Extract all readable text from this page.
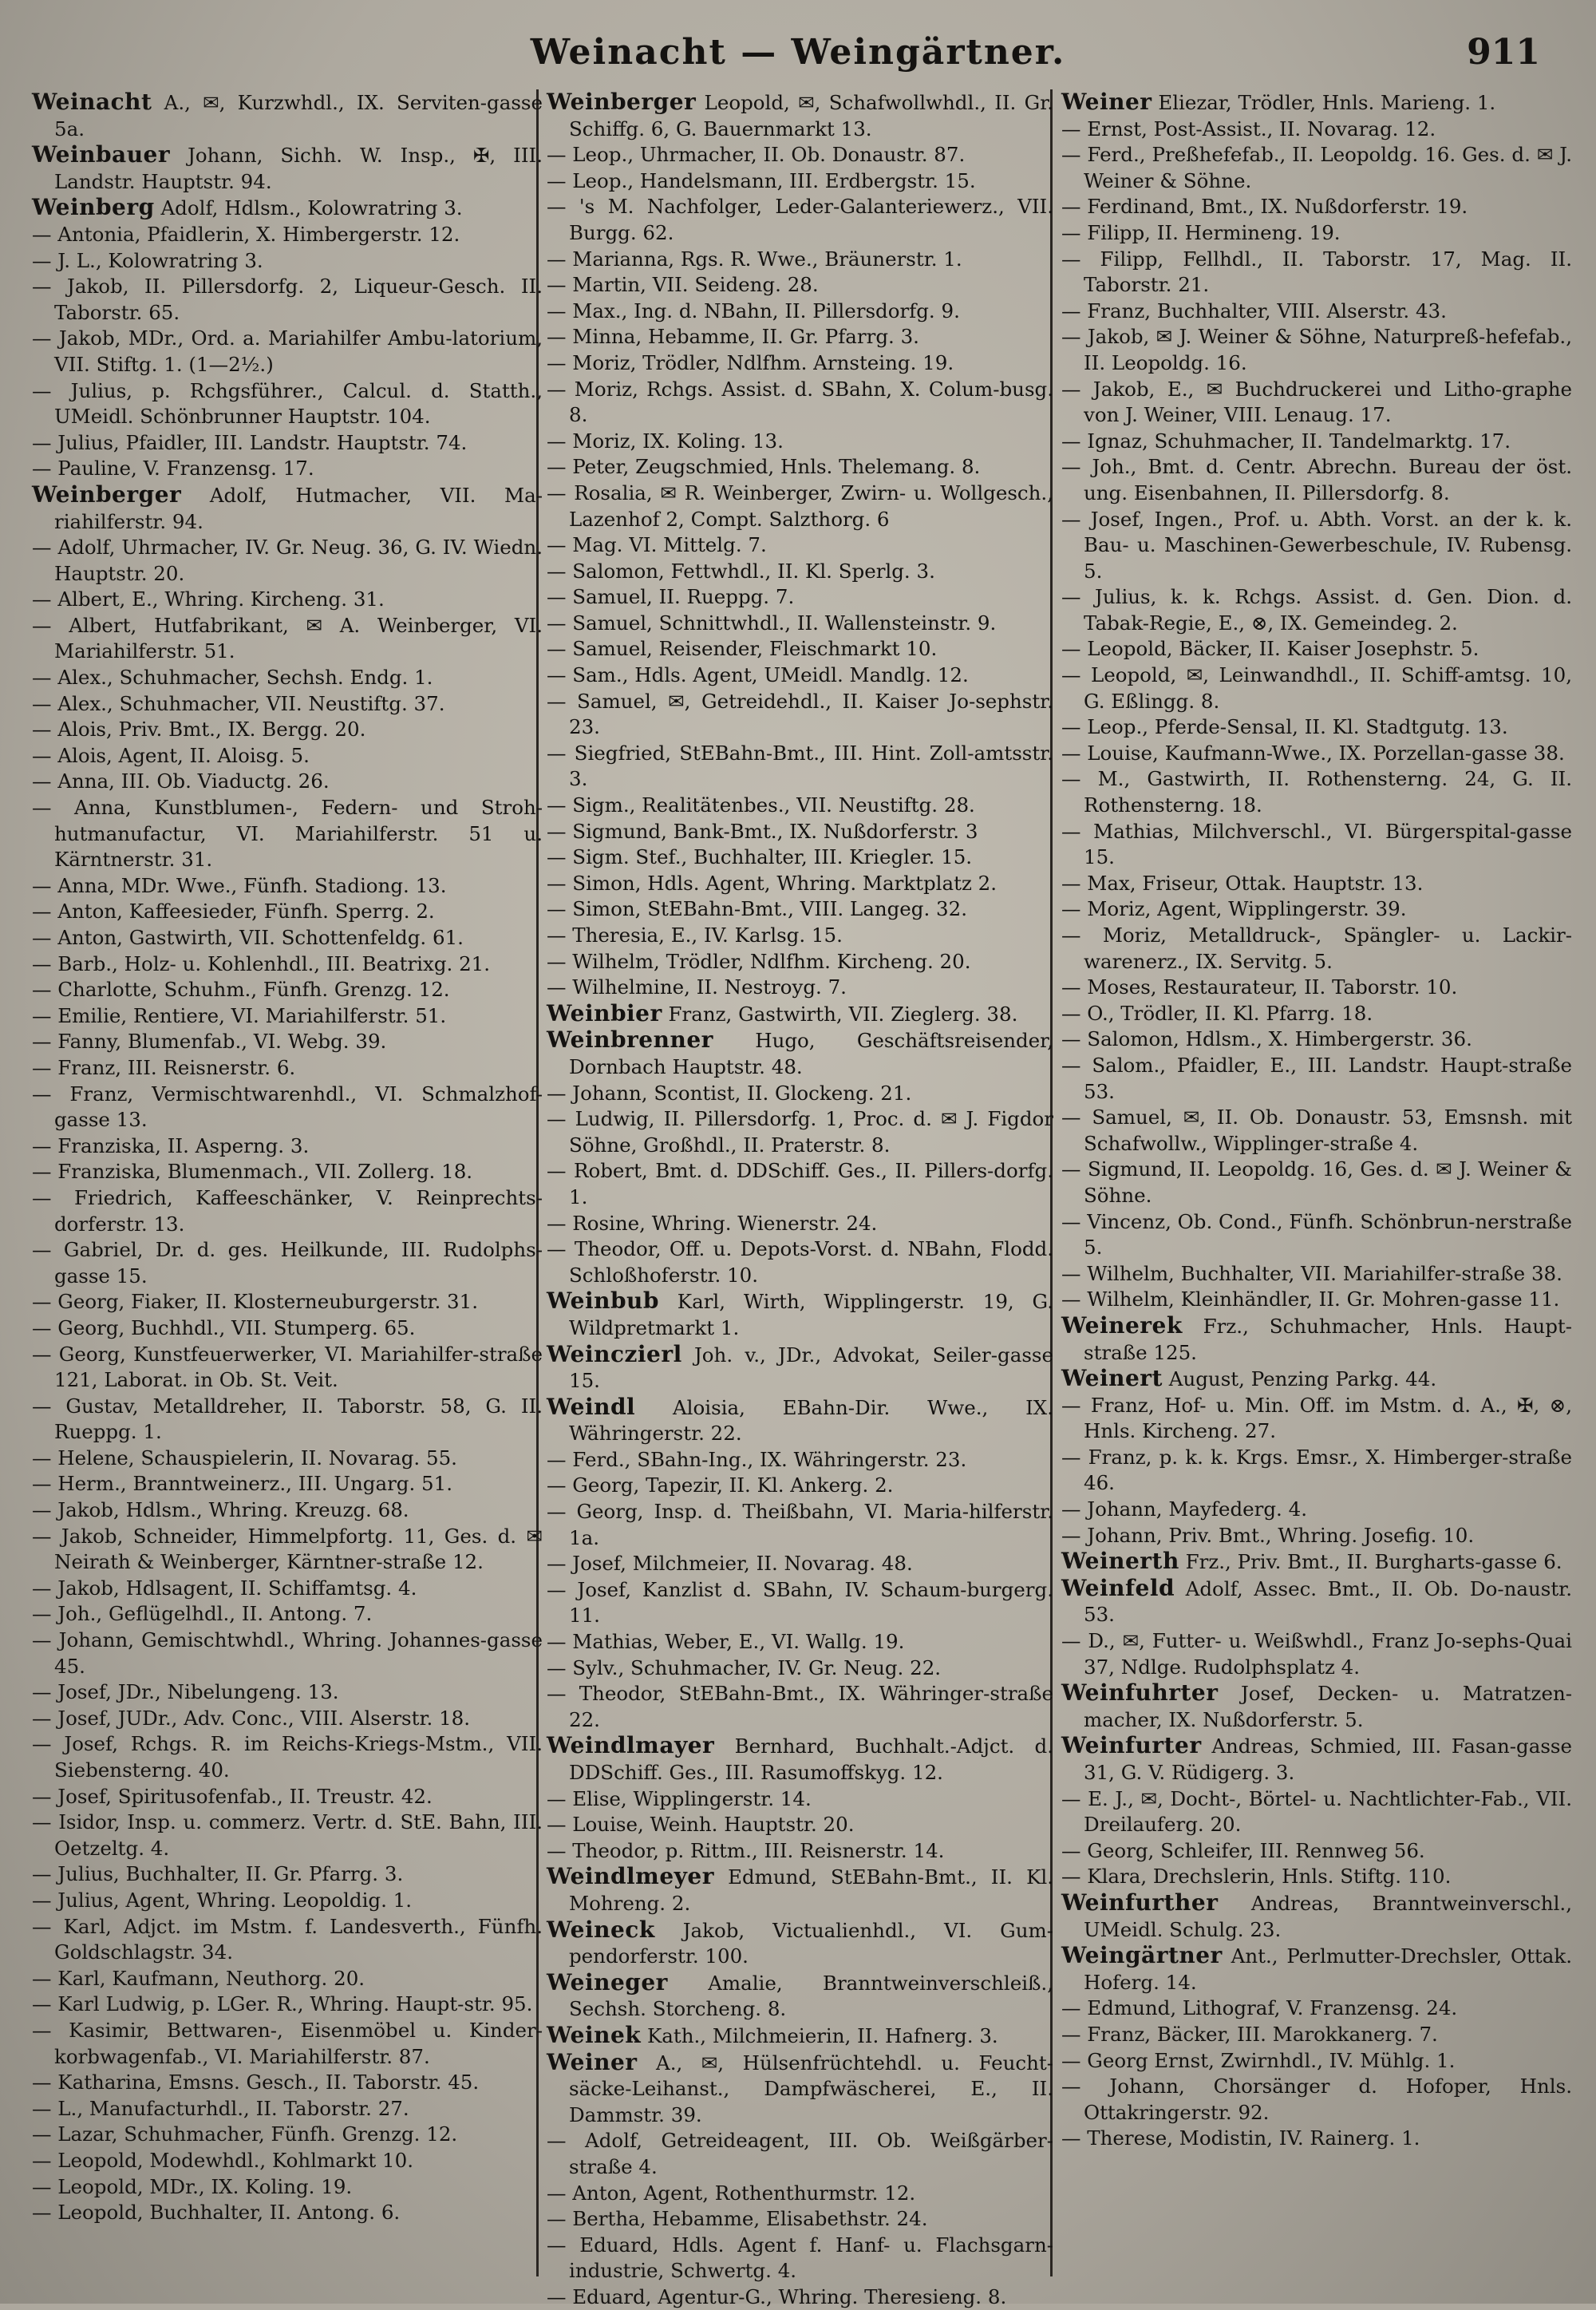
Weinacht — Weingärtner.	911

Weinacht A., ✉, Kurzwhdl., IX. Serviten-gasse 5a.

Weinbauer Johann, Sichh. W. Insp., ✠, III. Landstr. Hauptstr. 94.

Weinberg Adolf, Hdlsm., Kolowratring 3.

— Antonia, Pfaidlerin, X. Himbergerstr. 12.

— J. L., Kolowratring 3.

— Jakob, II. Pillersdorfg. 2, Liqueur-Gesch. II. Taborstr. 65.

— Jakob, MDr., Ord. a. Mariahilfer Ambu-latorium, VII. Stiftg. 1. (1—2½.)

— Julius, p. Rchgsführer., Calcul. d. Statth., UMeidl. Schönbrunner Hauptstr. 104.

— Julius, Pfaidler, III. Landstr. Hauptstr. 74.

— Pauline, V. Franzensg. 17.

Weinberger Adolf, Hutmacher, VII. Ma-riahilferstr. 94.

— Adolf, Uhrmacher, IV. Gr. Neug. 36, G. IV. Wiedn. Hauptstr. 20.

— Albert, E., Whring. Kircheng. 31.

— Albert, Hutfabrikant, ✉ A. Weinberger, VI. Mariahilferstr. 51.

— Alex., Schuhmacher, Sechsh. Endg. 1.

— Alex., Schuhmacher, VII. Neustiftg. 37.

— Alois, Priv. Bmt., IX. Bergg. 20.

— Alois, Agent, II. Aloisg. 5.

— Anna, III. Ob. Viaductg. 26.

— Anna, Kunstblumen-, Federn- und Stroh-hutmanufactur, VI. Mariahilferstr. 51 u. Kärntnerstr. 31.

— Anna, MDr. Wwe., Fünfh. Stadiong. 13.

— Anton, Kaffeesieder, Fünfh. Sperrg. 2.

— Anton, Gastwirth, VII. Schottenfeldg. 61.

— Barb., Holz- u. Kohlenhdl., III. Beatrixg. 21.

— Charlotte, Schuhm., Fünfh. Grenzg. 12.

— Emilie, Rentiere, VI. Mariahilferstr. 51.

— Fanny, Blumenfab., VI. Webg. 39.

— Franz, III. Reisnerstr. 6.

— Franz, Vermischtwarenhdl., VI. Schmalzhof-gasse 13.

— Franziska, II. Asperng. 3.

— Franziska, Blumenmach., VII. Zollerg. 18.

— Friedrich, Kaffeeschänker, V. Reinprechts-dorferstr. 13.

— Gabriel, Dr. d. ges. Heilkunde, III. Rudolphs-gasse 15.

— Georg, Fiaker, II. Klosterneuburgerstr. 31.

— Georg, Buchhdl., VII. Stumperg. 65.

— Georg, Kunstfeuerwerker, VI. Mariahilfer-straße 121, Laborat. in Ob. St. Veit.

— Gustav, Metalldreher, II. Taborstr. 58, G. II. Rueppg. 1.

— Helene, Schauspielerin, II. Novarag. 55.

— Herm., Branntweinerz., III. Ungarg. 51.

— Jakob, Hdlsm., Whring. Kreuzg. 68.

— Jakob, Schneider, Himmelpfortg. 11, Ges. d. ✉ Neirath & Weinberger, Kärntner-straße 12.

— Jakob, Hdlsagent, II. Schiffamtsg. 4.

— Joh., Geflügelhdl., II. Antong. 7.

— Johann, Gemischtwhdl., Whring. Johannes-gasse 45.

— Josef, JDr., Nibelungeng. 13.

— Josef, JUDr., Adv. Conc., VIII. Alserstr. 18.

— Josef, Rchgs. R. im Reichs-Kriegs-Mstm., VII. Siebensterng. 40.

— Josef, Spiritusofenfab., II. Treustr. 42.

— Isidor, Insp. u. commerz. Vertr. d. StE. Bahn, III. Oetzeltg. 4.

— Julius, Buchhalter, II. Gr. Pfarrg. 3.

— Julius, Agent, Whring. Leopoldig. 1.

— Karl, Adjct. im Mstm. f. Landesverth., Fünfh. Goldschlagstr. 34.

— Karl, Kaufmann, Neuthorg. 20.

— Karl Ludwig, p. LGer. R., Whring. Haupt-str. 95.

— Kasimir, Bettwaren-, Eisenmöbel u. Kinder-korbwagenfab., VI. Mariahilferstr. 87.

— Katharina, Emsns. Gesch., II. Taborstr. 45.

— L., Manufacturhdl., II. Taborstr. 27.

— Lazar, Schuhmacher, Fünfh. Grenzg. 12.

— Leopold, Modewhdl., Kohlmarkt 10.

— Leopold, MDr., IX. Koling. 19.

— Leopold, Buchhalter, II. Antong. 6.

Weinberger Leopold, ✉, Schafwollwhdl., II. Gr. Schiffg. 6, G. Bauernmarkt 13.

— Leop., Uhrmacher, II. Ob. Donaustr. 87.

— Leop., Handelsmann, III. Erdbergstr. 15.

— 's M. Nachfolger, Leder-Galanteriewerz., VII. Burgg. 62.

— Marianna, Rgs. R. Wwe., Bräunerstr. 1.

— Martin, VII. Seideng. 28.

— Max., Ing. d. NBahn, II. Pillersdorfg. 9.

— Minna, Hebamme, II. Gr. Pfarrg. 3.

— Moriz, Trödler, Ndlfhm. Arnsteing. 19.

— Moriz, Rchgs. Assist. d. SBahn, X. Colum-busg. 8.

— Moriz, IX. Koling. 13.

— Peter, Zeugschmied, Hnls. Thelemang. 8.

— Rosalia, ✉ R. Weinberger, Zwirn- u. Wollgesch., Lazenhof 2, Compt. Salzthorg. 6

— Mag. VI. Mittelg. 7.

— Salomon, Fettwhdl., II. Kl. Sperlg. 3.

— Samuel, II. Rueppg. 7.

— Samuel, Schnittwhdl., II. Wallensteinstr. 9.

— Samuel, Reisender, Fleischmarkt 10.

— Sam., Hdls. Agent, UMeidl. Mandlg. 12.

— Samuel, ✉, Getreidehdl., II. Kaiser Jo-sephstr. 23.

— Siegfried, StEBahn-Bmt., III. Hint. Zoll-amtsstr. 3.

— Sigm., Realitätenbes., VII. Neustiftg. 28.

— Sigmund, Bank-Bmt., IX. Nußdorferstr. 3

— Sigm. Stef., Buchhalter, III. Kriegler. 15.

— Simon, Hdls. Agent, Whring. Marktplatz 2.

— Simon, StEBahn-Bmt., VIII. Langeg. 32.

— Theresia, E., IV. Karlsg. 15.

— Wilhelm, Trödler, Ndlfhm. Kircheng. 20.

— Wilhelmine, II. Nestroyg. 7.

Weinbier Franz, Gastwirth, VII. Zieglerg. 38.

Weinbrenner Hugo, Geschäftsreisender, Dornbach Hauptstr. 48.

— Johann, Scontist, II. Glockeng. 21.

— Ludwig, II. Pillersdorfg. 1, Proc. d. ✉ J. Figdor Söhne, Großhdl., II. Praterstr. 8.

— Robert, Bmt. d. DDSchiff. Ges., II. Pillers-dorfg. 1.

— Rosine, Whring. Wienerstr. 24.

— Theodor, Off. u. Depots-Vorst. d. NBahn, Flodd. Schloßhoferstr. 10.

Weinbub Karl, Wirth, Wipplingerstr. 19, G. Wildpretmarkt 1.

Weinczierl Joh. v., JDr., Advokat, Seiler-gasse 15.

Weindl Aloisia, EBahn-Dir. Wwe., IX. Währingerstr. 22.

— Ferd., SBahn-Ing., IX. Währingerstr. 23.

— Georg, Tapezir, II. Kl. Ankerg. 2.

— Georg, Insp. d. Theißbahn, VI. Maria-hilferstr. 1a.

— Josef, Milchmeier, II. Novarag. 48.

— Josef, Kanzlist d. SBahn, IV. Schaum-burgerg. 11.

— Mathias, Weber, E., VI. Wallg. 19.

— Sylv., Schuhmacher, IV. Gr. Neug. 22.

— Theodor, StEBahn-Bmt., IX. Währinger-straße 22.

Weindlmayer Bernhard, Buchhalt.-Adjct. d. DDSchiff. Ges., III. Rasumoffskyg. 12.

— Elise, Wipplingerstr. 14.

— Louise, Weinh. Hauptstr. 20.

— Theodor, p. Rittm., III. Reisnerstr. 14.

Weindlmeyer Edmund, StEBahn-Bmt., II. Kl. Mohreng. 2.

Weineck Jakob, Victualienhdl., VI. Gum-pendorferstr. 100.

Weineger Amalie, Branntweinverschleiß., Sechsh. Storcheng. 8.

Weinek Kath., Milchmeierin, II. Hafnerg. 3.

Weiner A., ✉, Hülsenfrüchtehdl. u. Feucht-säcke-Leihanst., Dampfwäscherei, E., II. Dammstr. 39.

— Adolf, Getreideagent, III. Ob. Weißgärber-straße 4.

— Anton, Agent, Rothenthurmstr. 12.

— Bertha, Hebamme, Elisabethstr. 24.

— Eduard, Hdls. Agent f. Hanf- u. Flachsgarn-industrie, Schwertg. 4.

— Eduard, Agentur-G., Whring. Theresieng. 8.

Weiner Eliezar, Trödler, Hnls. Marieng. 1.

— Ernst, Post-Assist., II. Novarag. 12.

— Ferd., Preßhefefab., II. Leopoldg. 16. Ges. d. ✉ J. Weiner & Söhne.

— Ferdinand, Bmt., IX. Nußdorferstr. 19.

— Filipp, II. Hermineng. 19.

— Filipp, Fellhdl., II. Taborstr. 17, Mag. II. Taborstr. 21.

— Franz, Buchhalter, VIII. Alserstr. 43.

— Jakob, ✉ J. Weiner & Söhne, Naturpreß-hefefab., II. Leopoldg. 16.

— Jakob, E., ✉ Buchdruckerei und Litho-graphe von J. Weiner, VIII. Lenaug. 17.

— Ignaz, Schuhmacher, II. Tandelmarktg. 17.

— Joh., Bmt. d. Centr. Abrechn. Bureau der öst. ung. Eisenbahnen, II. Pillersdorfg. 8.

— Josef, Ingen., Prof. u. Abth. Vorst. an der k. k. Bau- u. Maschinen-Gewerbeschule, IV. Rubensg. 5.

— Julius, k. k. Rchgs. Assist. d. Gen. Dion. d. Tabak-Regie, E., ⊗, IX. Gemeindeg. 2.

— Leopold, Bäcker, II. Kaiser Josephstr. 5.

— Leopold, ✉, Leinwandhdl., II. Schiff-amtsg. 10, G. Eßlingg. 8.

— Leop., Pferde-Sensal, II. Kl. Stadtgutg. 13.

— Louise, Kaufmann-Wwe., IX. Porzellan-gasse 38.

— M., Gastwirth, II. Rothensterng. 24, G. II. Rothensterng. 18.

— Mathias, Milchverschl., VI. Bürgerspital-gasse 15.

— Max, Friseur, Ottak. Hauptstr. 13.

— Moriz, Agent, Wipplingerstr. 39.

— Moriz, Metalldruck-, Spängler- u. Lackir-warenerz., IX. Servitg. 5.

— Moses, Restaurateur, II. Taborstr. 10.

— O., Trödler, II. Kl. Pfarrg. 18.

— Salomon, Hdlsm., X. Himbergerstr. 36.

— Salom., Pfaidler, E., III. Landstr. Haupt-straße 53.

— Samuel, ✉, II. Ob. Donaustr. 53, Emsnsh. mit Schafwollw., Wipplinger-straße 4.

— Sigmund, II. Leopoldg. 16, Ges. d. ✉ J. Weiner & Söhne.

— Vincenz, Ob. Cond., Fünfh. Schönbrun-nerstraße 5.

— Wilhelm, Buchhalter, VII. Mariahilfer-straße 38.

— Wilhelm, Kleinhändler, II. Gr. Mohren-gasse 11.

Weinerek Frz., Schuhmacher, Hnls. Haupt-straße 125.

Weinert August, Penzing Parkg. 44.

— Franz, Hof- u. Min. Off. im Mstm. d. A., ✠, ⊗, Hnls. Kircheng. 27.

— Franz, p. k. k. Krgs. Emsr., X. Himberger-straße 46.

— Johann, Mayfederg. 4.

— Johann, Priv. Bmt., Whring. Josefig. 10.

Weinerth Frz., Priv. Bmt., II. Burgharts-gasse 6.

Weinfeld Adolf, Assec. Bmt., II. Ob. Do-naustr. 53.

— D., ✉, Futter- u. Weißwhdl., Franz Jo-sephs-Quai 37, Ndlge. Rudolphsplatz 4.

Weinfuhrter Josef, Decken- u. Matratzen-macher, IX. Nußdorferstr. 5.

Weinfurter Andreas, Schmied, III. Fasan-gasse 31, G. V. Rüdigerg. 3.

— E. J., ✉, Docht-, Börtel- u. Nachtlichter-Fab., VII. Dreilauferg. 20.

— Georg, Schleifer, III. Rennweg 56.

— Klara, Drechslerin, Hnls. Stiftg. 110.

Weinfurther Andreas, Branntweinverschl., UMeidl. Schulg. 23.

Weingärtner Ant., Perlmutter-Drechsler, Ottak. Hoferg. 14.

— Edmund, Lithograf, V. Franzensg. 24.

— Franz, Bäcker, III. Marokkanerg. 7.

— Georg Ernst, Zwirnhdl., IV. Mühlg. 1.

— Johann, Chorsänger d. Hofoper, Hnls. Ottakringerstr. 92.

— Therese, Modistin, IV. Rainerg. 1.
